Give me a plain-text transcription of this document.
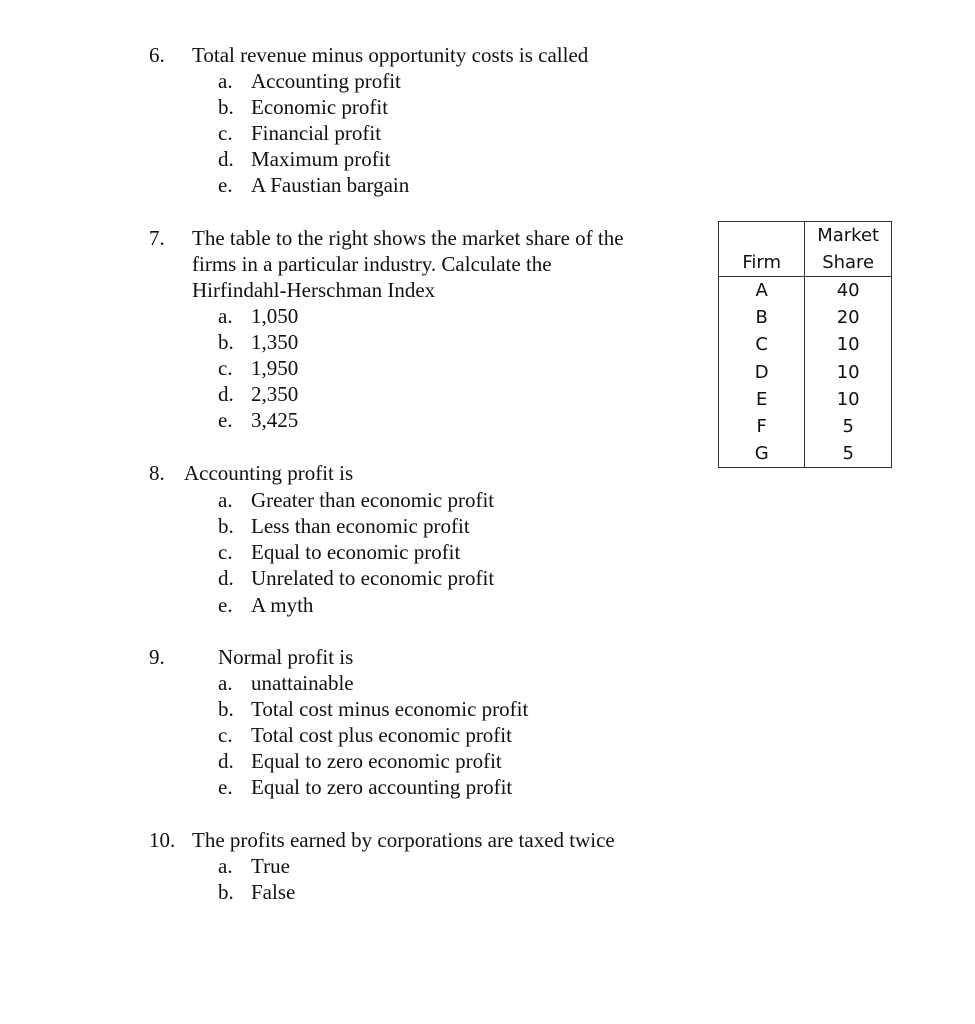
6. Total revenue minus opportunity costs is called
a. Accounting profit
b. Economic profit
c. Financial profit
d. Maximum profit
e. A Faustian bargain
7. The table to the right shows the market share of the
firms in a particular industry. Calculate the
Hirfindahl-Herschman Index
a. 1,050
b. 1,350
c. 1,950
d. 2,350
e. 3,425
	Market
Firm	Share
A	40
B	20
C	10
D	10
E	10
F	5
G	5
8. Accounting profit is
a. Greater than economic profit
b. Less than economic profit
c. Equal to economic profit
d. Unrelated to economic profit
e. A myth
9.	Normal profit is
a. unattainable
b. Total cost minus economic profit
c. Total cost plus economic profit
d. Equal to zero economic profit
e. Equal to zero accounting profit
10. The profits earned by corporations are taxed twice
a. True
b. False
